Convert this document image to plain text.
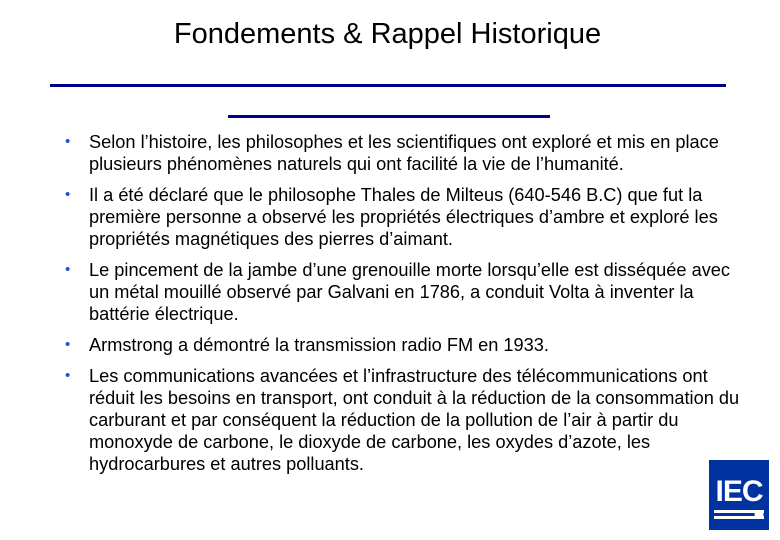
Fondements & Rappel Historique
• Selon l’histoire, les philosophes et les scientifiques ont exploré et mis en place plusieurs phénomènes naturels qui ont facilité la vie de l’humanité.
• Il a été déclaré que le philosophe Thales de Milteus (640-546 B.C) que fut la première personne a observé les propriétés électriques d’ambre et exploré les propriétés magnétiques des pierres d’aimant.
• Le pincement de la jambe d’une grenouille morte lorsqu’elle est disséquée avec un métal mouillé observé par Galvani en 1786, a conduit Volta à inventer la battérie électrique.
• Armstrong a démontré la transmission radio FM en 1933.
• Les communications avancées et l’infrastructure des télécommunications ont réduit les besoins en transport, ont conduit à la réduction de la consommation du carburant et par conséquent la réduction de la pollution de l’air à partir du monoxyde de carbone, le dioxyde de carbone, les oxydes d’azote, les hydrocarbures et autres polluants.
IEC
